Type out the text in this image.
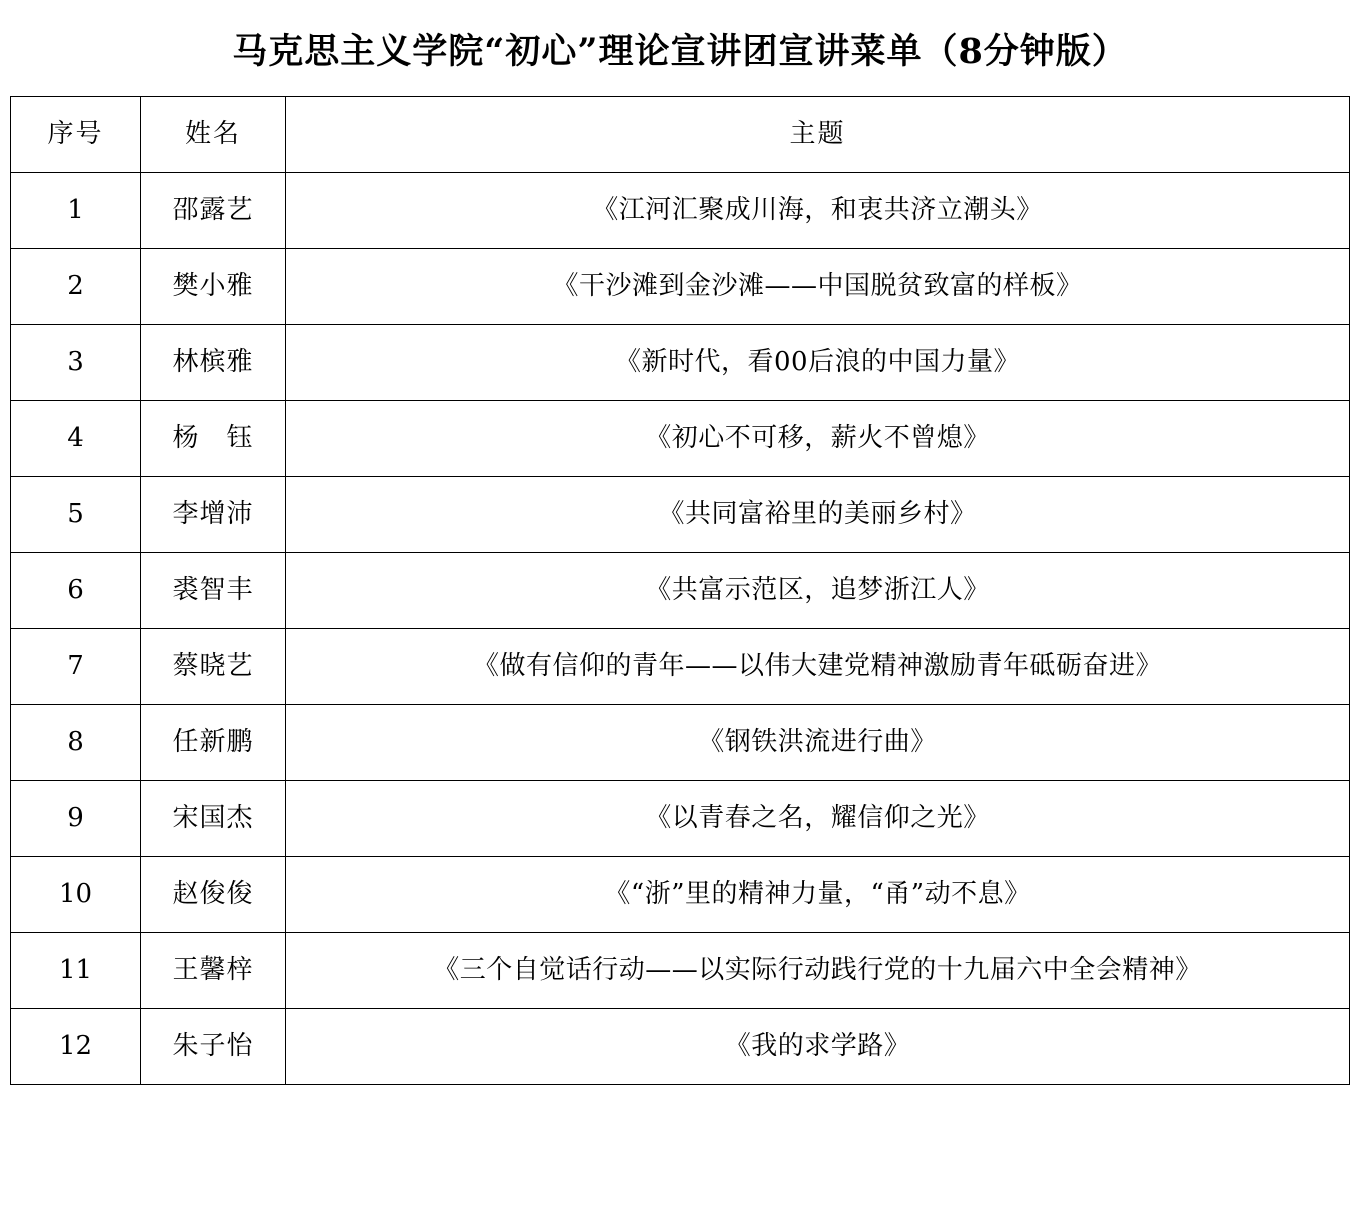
马克思主义学院“初心”理论宣讲团宣讲菜单（8分钟版）
序号	姓名	主题
1	邵露艺	《江河汇聚成川海，和衷共济立潮头》
2	樊小雅	《干沙滩到金沙滩——中国脱贫致富的样板》
3	林槟雅	《新时代，看00后浪的中国力量》
4	杨　钰	《初心不可移，薪火不曾熄》
5	李增沛	《共同富裕里的美丽乡村》
6	裘智丰	《共富示范区，追梦浙江人》
7	蔡晓艺	《做有信仰的青年——以伟大建党精神激励青年砥砺奋进》
8	任新鹏	《钢铁洪流进行曲》
9	宋国杰	《以青春之名，耀信仰之光》
10	赵俊俊	《“浙”里的精神力量，“甬”动不息》
11	王馨梓	《三个自觉话行动——以实际行动践行党的十九届六中全会精神》
12	朱子怡	《我的求学路》
